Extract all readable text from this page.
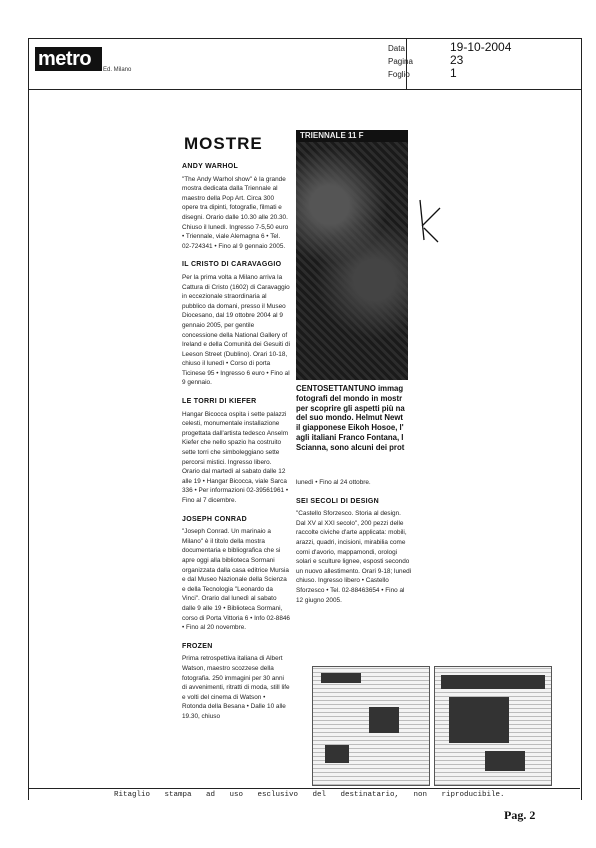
metro	Ed. Milano
Data	19-10-2004
Pagina	23
Foglio	1
MOSTRE
ANDY WARHOL

"The Andy Warhol show" è la grande mostra dedicata dalla Triennale al maestro della Pop Art. Circa 300 opere tra dipinti, fotografie, filmati e disegni. Orario dalle 10.30 alle 20.30. Chiuso il lunedì. Ingresso 7-5,50 euro • Triennale, viale Alemagna 6 • Tel. 02-724341 • Fino al 9 gennaio 2005.

IL CRISTO DI CARAVAGGIO

Per la prima volta a Milano arriva la Cattura di Cristo (1602) di Caravaggio in eccezionale straordinaria al pubblico da domani, presso il Museo Diocesano, dal 19 ottobre 2004 al 9 gennaio 2005, per gentile concessione della National Gallery of Ireland e della Comunità dei Gesuiti di Leeson Street (Dublino). Orari 10-18, chiuso il lunedì • Corso di porta Ticinese 95 • Ingresso 6 euro • Fino al 9 gennaio.

LE TORRI DI KIEFER

Hangar Bicocca ospita i sette palazzi celesti, monumentale installazione progettata dall'artista tedesco Anselm Kiefer che nello spazio ha costruito sette torri che simboleggiano sette percorsi mistici. Ingresso libero. Orario dal martedì al sabato dalle 12 alle 19 • Hangar Bicocca, viale Sarca 336 • Per informazioni 02-39561961 • Fino al 7 dicembre.

JOSEPH CONRAD

"Joseph Conrad. Un marinaio a Milano" è il titolo della mostra documentaria e bibliografica che si apre oggi alla biblioteca Sormani organizzata dalla casa editrice Mursia e dal Museo Nazionale della Scienza e della Tecnologia "Leonardo da Vinci". Orario dal lunedì al sabato dalle 9 alle 19 • Biblioteca Sormani, corso di Porta Vittoria 6 • Info 02-8846 • Fino al 20 novembre.

FROZEN

Prima retrospettiva italiana di Albert Watson, maestro scozzese della fotografia. 250 immagini per 30 anni di avvenimenti, ritratti di moda, still life e volti del cinema di Watson • Rotonda della Besana • Dalle 10 alle 19.30, chiuso

lunedì • Fino al 24 ottobre.

SEI SECOLI DI DESIGN

"Castello Sforzesco. Storia al design. Dal XV al XXI secolo", 200 pezzi delle raccolte civiche d'arte applicata: mobili, arazzi, quadri, incisioni, mirabilia come corni d'avorio, mappamondi, orologi solari e sculture lignee, esposti secondo un nuovo allestimento. Orari 9-18; lunedì chiuso. Ingresso libero • Castello Sforzesco • Tel. 02-88463654 • Fino al 12 giugno 2005.

TRIENNALE 11 F
CENTOSETTANTUNO immag
fotografi del mondo in mostr
per scoprire gli aspetti più na
del suo mondo. Helmut Newt
il giapponese Eikoh Hosoe, l'
agli italiani Franco Fontana, I
Scianna, sono alcuni dei prot
Ritaglio stampa ad uso esclusivo del destinatario, non riproducibile.
Pag. 2
